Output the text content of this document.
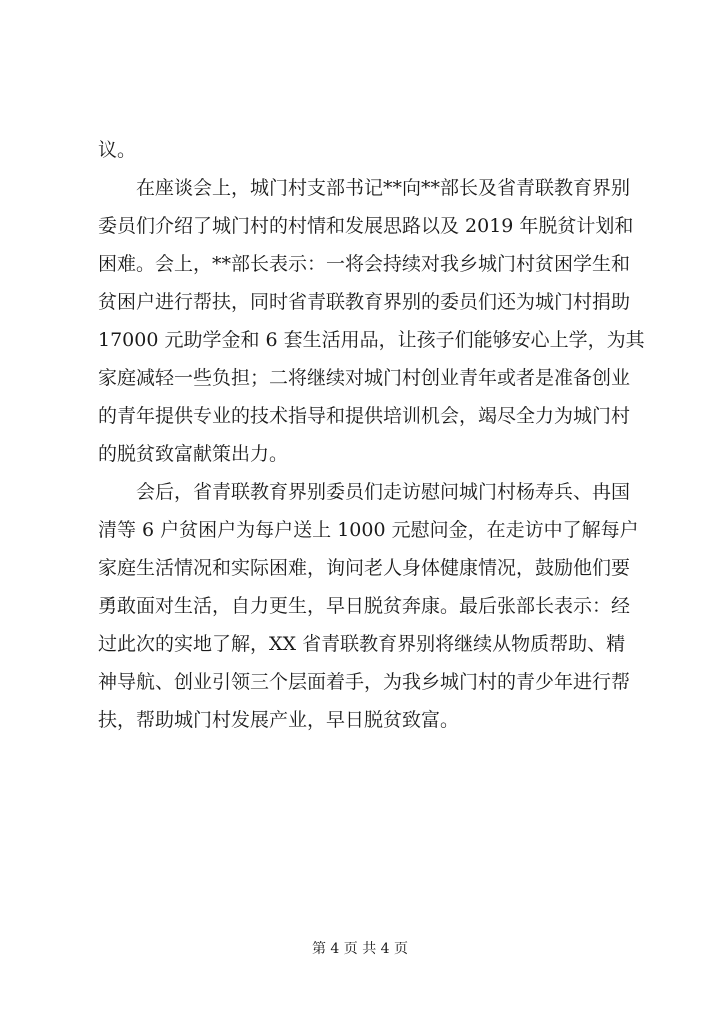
议。
在座谈会上，城门村支部书记**向**部长及省青联教育界别
委员们介绍了城门村的村情和发展思路以及 2019 年脱贫计划和
困难。会上，**部长表示：一将会持续对我乡城门村贫困学生和
贫困户进行帮扶，同时省青联教育界别的委员们还为城门村捐助
17000 元助学金和 6 套生活用品，让孩子们能够安心上学，为其
家庭减轻一些负担；二将继续对城门村创业青年或者是准备创业
的青年提供专业的技术指导和提供培训机会，竭尽全力为城门村
的脱贫致富献策出力。
会后，省青联教育界别委员们走访慰问城门村杨寿兵、冉国
清等 6 户贫困户为每户送上 1000 元慰问金，在走访中了解每户
家庭生活情况和实际困难，询问老人身体健康情况，鼓励他们要
勇敢面对生活，自力更生，早日脱贫奔康。最后张部长表示：经
过此次的实地了解，XX 省青联教育界别将继续从物质帮助、精
神导航、创业引领三个层面着手，为我乡城门村的青少年进行帮
扶，帮助城门村发展产业，早日脱贫致富。
第 4 页 共 4 页
